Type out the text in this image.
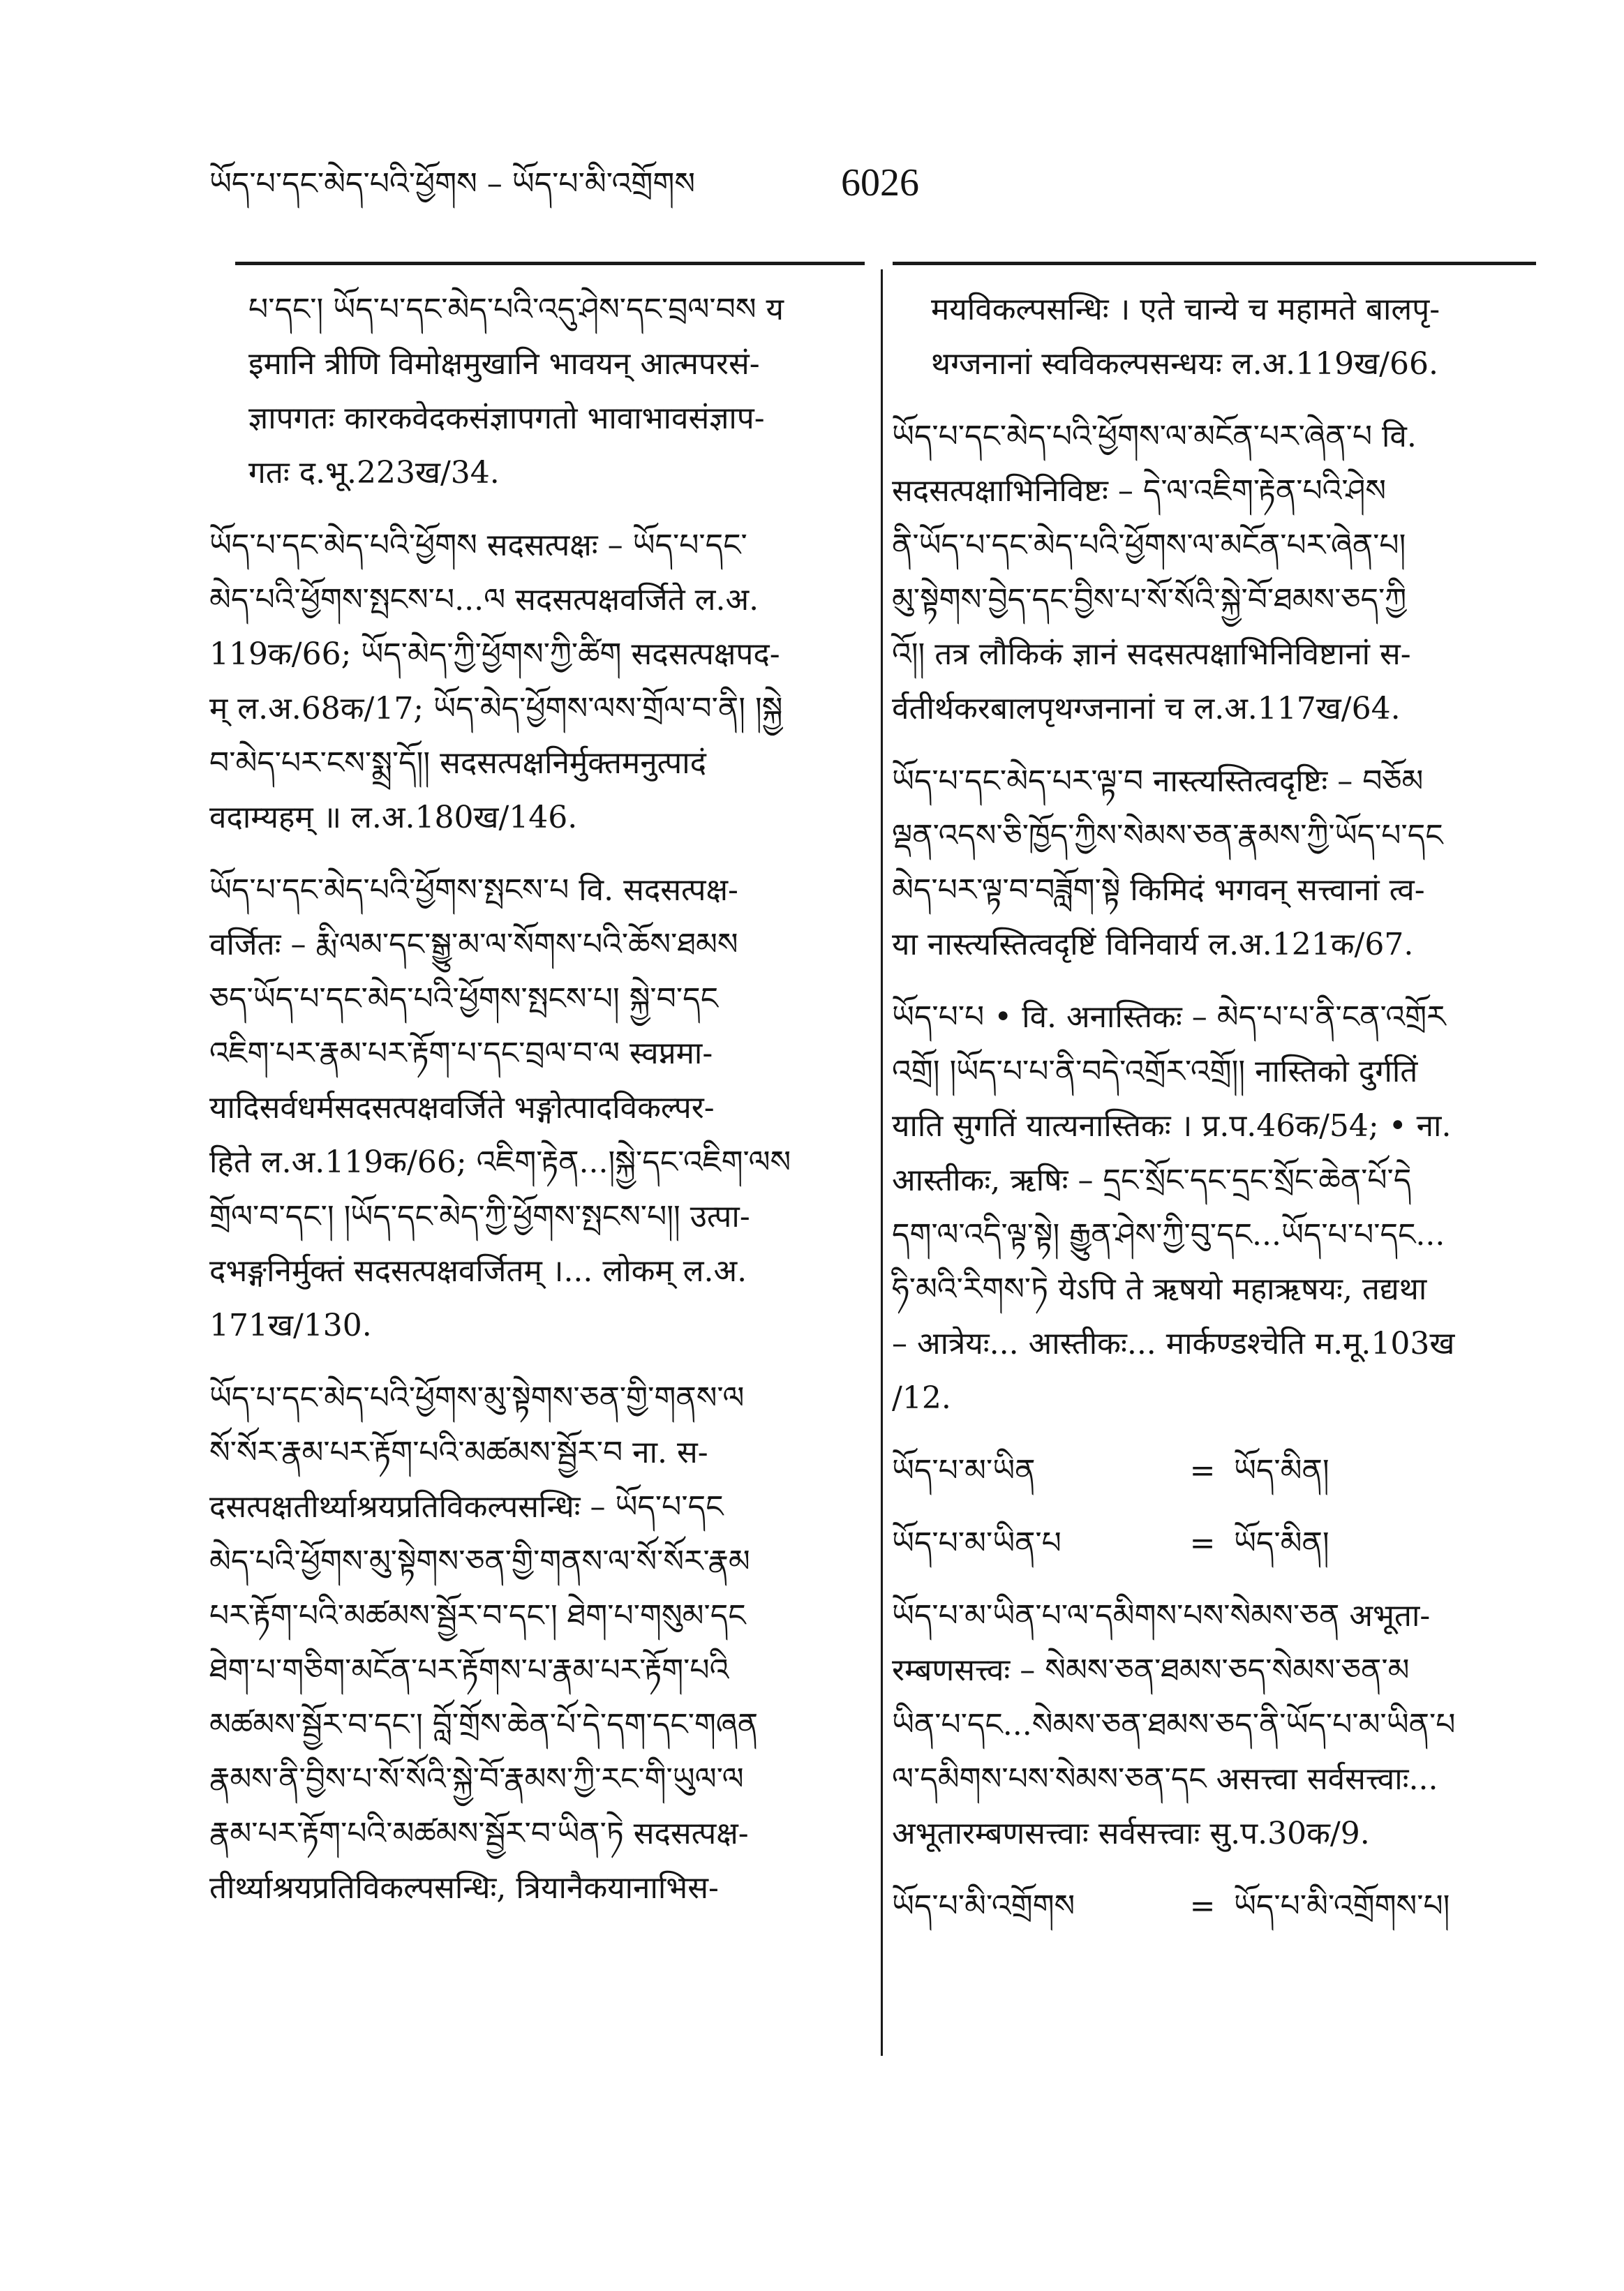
ཡོད་པ་དང་མེད་པའི་ཕྱོགས – ཡོད་པ་མི་འགྲོགས	6026
པ་དང་། ཡོད་པ་དང་མེད་པའི་འདུ་ཤེས་དང་བྲལ་བས य
इमानि त्रीणि विमोक्षमुखानि भावयन् आत्मपरसं-
ज्ञापगतः कारकवेदकसंज्ञापगतो भावाभावसंज्ञाप-
गतः द.भू.223ख/34.
ཡོད་པ་དང་མེད་པའི་ཕྱོགས सदसत्पक्षः – ཡོད་པ་དང་
མེད་པའི་ཕྱོགས་སྤངས་པ...ལ सदसत्पक्षवर्जिते ल.अ.
119क/66; ཡོད་མེད་ཀྱི་ཕྱོགས་ཀྱི་ཚིག सदसत्पक्षपद-
म् ल.अ.68क/17; ཡོད་མེད་ཕྱོགས་ལས་གྲོལ་བ་ནི། །སྐྱེ
བ་མེད་པར་ངས་སྨྲ་དོ།། सदसत्पक्षनिर्मुक्तमनुत्पादं
वदाम्यहम् ॥ ल.अ.180ख/146.
ཡོད་པ་དང་མེད་པའི་ཕྱོགས་སྤངས་པ वि. सदसत्पक्ष-
वर्जितः – རྨི་ལམ་དང་སྒྱུ་མ་ལ་སོགས་པའི་ཆོས་ཐམས
ཅད་ཡོད་པ་དང་མེད་པའི་ཕྱོགས་སྤངས་པ། སྐྱེ་བ་དང
འཇིག་པར་རྣམ་པར་རྟོག་པ་དང་བྲལ་བ་ལ स्वप्नमा-
यादिसर्वधर्मसदसत्पक्षवर्जिते भङ्गोत्पादविकल्पर-
हिते ल.अ.119क/66; འཇིག་རྟེན...།སྐྱེ་དང་འཇིག་ལས
གྲོལ་བ་དང་། །ཡོད་དང་མེད་ཀྱི་ཕྱོགས་སྤངས་པ།། उत्पा-
दभङ्गनिर्मुक्तं सदसत्पक्षवर्जितम् ।... लोकम् ल.अ.
171ख/130.
ཡོད་པ་དང་མེད་པའི་ཕྱོགས་མུ་སྟེགས་ཅན་གྱི་གནས་ལ
སོ་སོར་རྣམ་པར་རྟོག་པའི་མཚམས་སྦྱོར་བ ना. स-
दसत्पक्षतीर्थ्याश्रयप्रतिविकल्पसन्धिः – ཡོད་པ་དང
མེད་པའི་ཕྱོགས་མུ་སྟེགས་ཅན་གྱི་གནས་ལ་སོ་སོར་རྣམ
པར་རྟོག་པའི་མཚམས་སྦྱོར་བ་དང་། ཐེག་པ་གསུམ་དང
ཐེག་པ་གཅིག་མངོན་པར་རྟོགས་པ་རྣམ་པར་རྟོག་པའི
མཚམས་སྦྱོར་བ་དང་། བློ་གྲོས་ཆེན་པོ་དེ་དག་དང་གཞན
རྣམས་ནི་བྱིས་པ་སོ་སོའི་སྐྱེ་བོ་རྣམས་ཀྱི་རང་གི་ཡུལ་ལ
རྣམ་པར་རྟོག་པའི་མཚམས་སྦྱོར་བ་ཡིན་ཏེ सदसत्पक्ष-
तीर्थ्याश्रयप्रतिविकल्पसन्धिः, त्रियानैकयानाभिस-
मयविकल्पसन्धिः । एते चान्ये च महामते बालपृ-
थग्जनानां स्वविकल्पसन्धयः ल.अ.119ख/66.
ཡོད་པ་དང་མེད་པའི་ཕྱོགས་ལ་མངོན་པར་ཞེན་པ वि.
सदसत्पक्षाभिनिविष्टः – དེ་ལ་འཇིག་རྟེན་པའི་ཤེས
ནི་ཡོད་པ་དང་མེད་པའི་ཕྱོགས་ལ་མངོན་པར་ཞེན་པ།
མུ་སྟེགས་བྱེད་དང་བྱིས་པ་སོ་སོའི་སྐྱེ་བོ་ཐམས་ཅད་ཀྱི
འོ།། तत्र लौकिकं ज्ञानं सदसत्पक्षाभिनिविष्टानां स-
र्वतीर्थकरबालपृथग्जनानां च ल.अ.117ख/64.
ཡོད་པ་དང་མེད་པར་ལྟ་བ नास्त्यस्तित्वदृष्टिः – བཅོམ
ལྡན་འདས་ཅི་ཁྱོད་ཀྱིས་སེམས་ཅན་རྣམས་ཀྱི་ཡོད་པ་དང
མེད་པར་ལྟ་བ་བཟློག་སྟེ किमिदं भगवन् सत्त्वानां त्व-
या नास्त्यस्तित्वदृष्टिं विनिवार्य ल.अ.121क/67.
ཡོད་པ་པ • वि. अनास्तिकः – མེད་པ་པ་ནི་ངན་འགྲོར
འགྲོ། །ཡོད་པ་པ་ནི་བདེ་འགྲོར་འགྲོ།། नास्तिको दुर्गतिं
याति सुगतिं यात्यनास्तिकः । प्र.प.46क/54; • ना.
आस्तीकः, ऋषिः – དྲང་སྲོང་དང་དྲང་སྲོང་ཆེན་པོ་དེ
དག་ལ་འདི་ལྟ་སྟེ། རྒྱུན་ཤེས་ཀྱི་བུ་དང...ཡོད་པ་པ་དང...
ཧི་མའི་རིགས་ཏེ येऽपि ते ऋषयो महाऋषयः, तद्यथा
– आत्रेयः... आस्तीकः... मार्कण्डश्चेति म.मू.103ख
/12.
ཡོད་པ་མ་ཡིན	= ཡོད་མིན།
ཡོད་པ་མ་ཡིན་པ	= ཡོད་མིན།
ཡོད་པ་མ་ཡིན་པ་ལ་དམིགས་པས་སེམས་ཅན अभूता-
रम्बणसत्त्वः – སེམས་ཅན་ཐམས་ཅད་སེམས་ཅན་མ
ཡིན་པ་དང...སེམས་ཅན་ཐམས་ཅད་ནི་ཡོད་པ་མ་ཡིན་པ
ལ་དམིགས་པས་སེམས་ཅན་དང असत्त्वा सर्वसत्त्वाः...
अभूतारम्बणसत्त्वाः सर्वसत्त्वाः सु.प.30क/9.
ཡོད་པ་མི་འགྲོགས	= ཡོད་པ་མི་འགྲོགས་པ།
